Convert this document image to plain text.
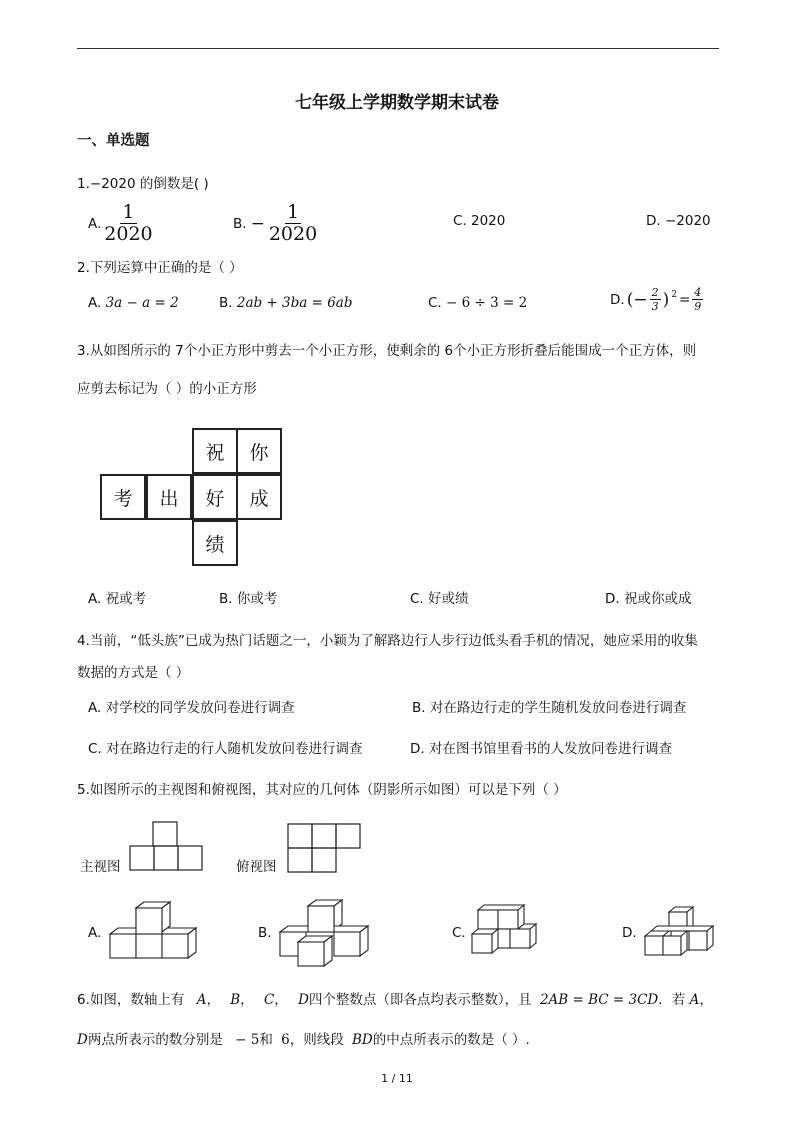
七年级上学期数学期末试卷
一、单选题
1.−2020 的倒数是( )
A. $\frac{1}{2020}$	B. − $\frac{1}{2020}$	C. 2020	D. −2020
2.下列运算中正确的是（ ）
A. 3a − a = 2	B. 2ab + 3ba = 6ab	C. − 6 ÷ 3 = 2	D. (− $\frac{2}{3} )^2 = \frac{4}{9}$
3.从如图所示的 7个小正方形中剪去一个小正方形，使剩余的 6个小正方形折叠后能围成一个正方体，则
应剪去标记为（ ）的小正方形
祝	你
考	出	好	成
绩
A. 祝或考	B. 你或考	C. 好或绩	D. 祝或你或成
4.当前，“低头族”已成为热门话题之一，小颖为了解路边行人步行边低头看手机的情况，她应采用的收集
数据的方式是（ ）
A. 对学校的同学发放问卷进行调查	B. 对在路边行走的学生随机发放问卷进行调查
C. 对在路边行走的行人随机发放问卷进行调查	D. 对在图书馆里看书的人发放问卷进行调查
5.如图所示的主视图和俯视图，其对应的几何体（阴影所示如图）可以是下列（ ）
主视图	俯视图
A.	B.	C.	D.
6.如图，数轴上有 A， B， C， D四个整数点（即各点均表示整数），且 2AB = BC = 3CD．若 A，
D两点所表示的数分别是 − 5和 6，则线段 BD的中点所表示的数是（ ）.
1 / 11
